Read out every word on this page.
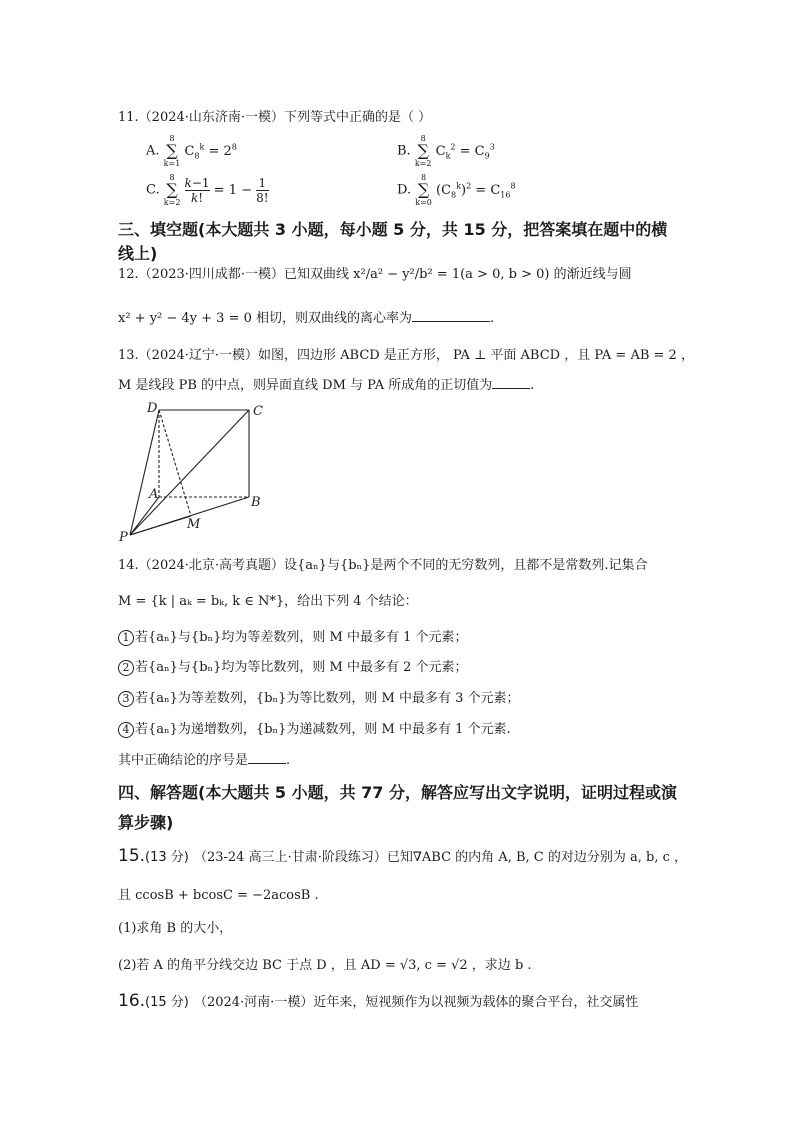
11.（2024·山东济南·一模）下列等式中正确的是（ ）
A.
8
∑
k=1
$C_8^k = 2^8$	B.
8
∑
k=2
$C_k^2 = C_9^3$
C.
8
∑
k=2
$\frac{k-1}{k!} = 1 - \frac{1}{8!}$	D.
8
∑
k=0
$(C_8^k)^2 = C_{16}^8$
三、填空题(本大题共 3 小题，每小题 5 分，共 15 分，把答案填在题中的横线上)
12.（2023·四川成都·一模）已知双曲线 x²/a² − y²/b² = 1(a > 0, b > 0) 的渐近线与圆
x² + y² − 4y + 3 = 0 相切，则双曲线的离心率为	.
13.（2024·辽宁·一模）如图，四边形 ABCD 是正方形， PA ⊥ 平面 ABCD ，且 PA = AB = 2 ，
M 是线段 PB 的中点，则异面直线 DM 与 PA 所成角的正切值为	.
D	C
A
B
P
M
14.（2024·北京·高考真题）设{aₙ}与{bₙ}是两个不同的无穷数列，且都不是常数列.记集合
M = {k | aₖ = bₖ, k ∈ N*}，给出下列 4 个结论：
1 若{aₙ}与{bₙ}均为等差数列，则 M 中最多有 1 个元素；
2 若{aₙ}与{bₙ}均为等比数列，则 M 中最多有 2 个元素；
3 若{aₙ}为等差数列，{bₙ}为等比数列，则 M 中最多有 3 个元素；
4 若{aₙ}为递增数列，{bₙ}为递减数列，则 M 中最多有 1 个元素.
其中正确结论的序号是	.
四、解答题(本大题共 5 小题，共 77 分，解答应写出文字说明，证明过程或演
算步骤)
15.(13 分) （23-24 高三上·甘肃·阶段练习）已知∇ABC 的内角 A, B, C 的对边分别为 a, b, c ，
且 ccosB + bcosC = −2acosB .
(1)求角 B 的大小，
(2)若 A 的角平分线交边 BC 于点 D ，且 AD = √3, c = √2 ，求边 b .
16.(15 分) （2024·河南·一模）近年来，短视频作为以视频为载体的聚合平台，社交属性
